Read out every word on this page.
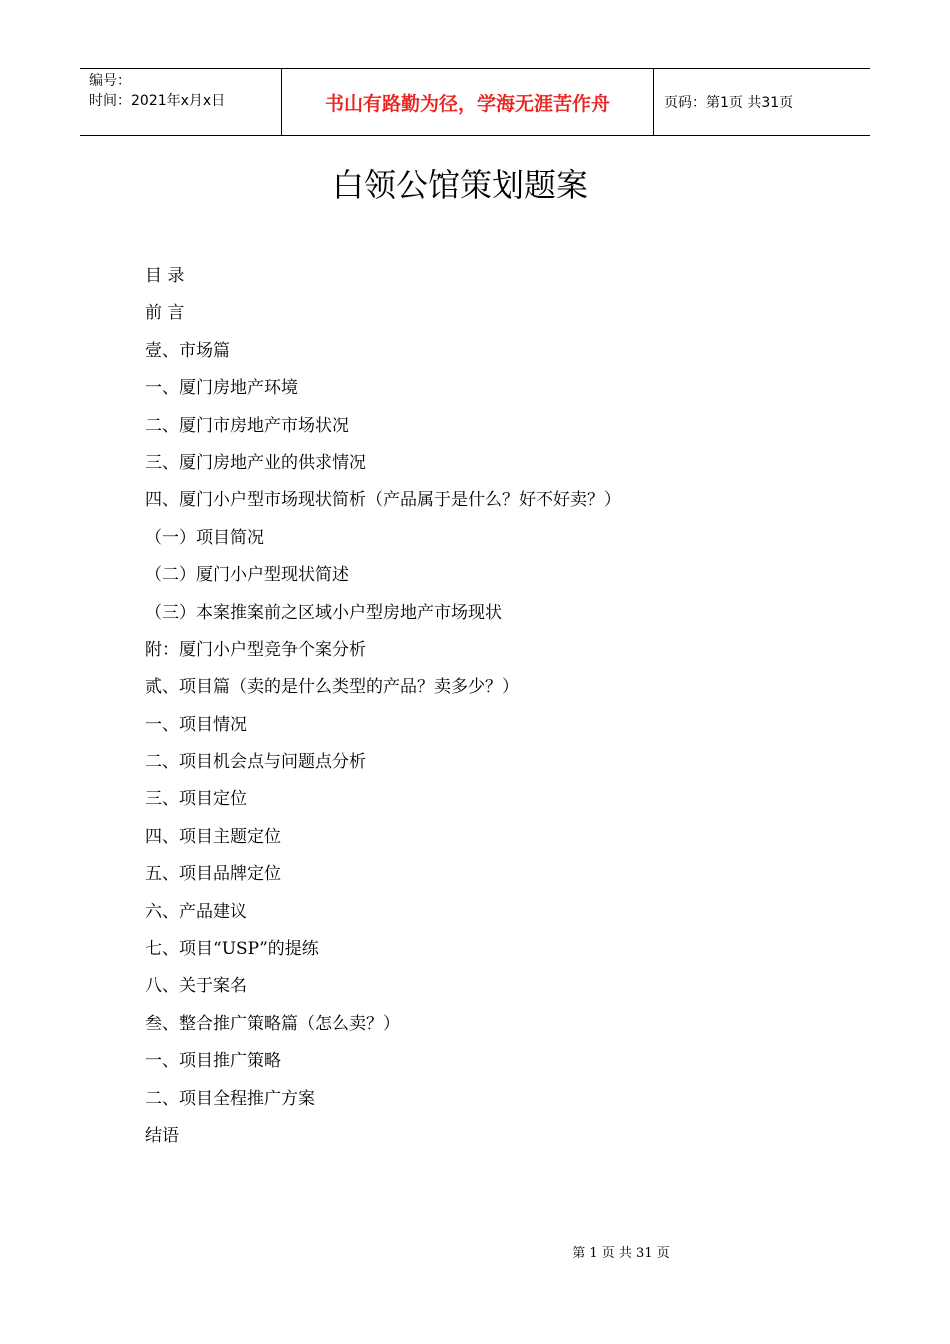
编号：
时间：2021年x月x日	书山有路勤为径，学海无涯苦作舟	页码：第1页 共31页
白领公馆策划题案
目 录
前 言
壹、市场篇
一、厦门房地产环境
二、厦门市房地产市场状况
三、厦门房地产业的供求情况
四、厦门小户型市场现状简析（产品属于是什么？好不好卖？）
（一）项目简况
（二）厦门小户型现状简述
（三）本案推案前之区域小户型房地产市场现状
附：厦门小户型竞争个案分析
贰、项目篇（卖的是什么类型的产品？卖多少？）
一、项目情况
二、项目机会点与问题点分析
三、项目定位
四、项目主题定位
五、项目品牌定位
六、产品建议
七、项目“USP”的提练
八、关于案名
叁、整合推广策略篇（怎么卖？）
一、项目推广策略
二、项目全程推广方案
结语
第 1 页 共 31 页
